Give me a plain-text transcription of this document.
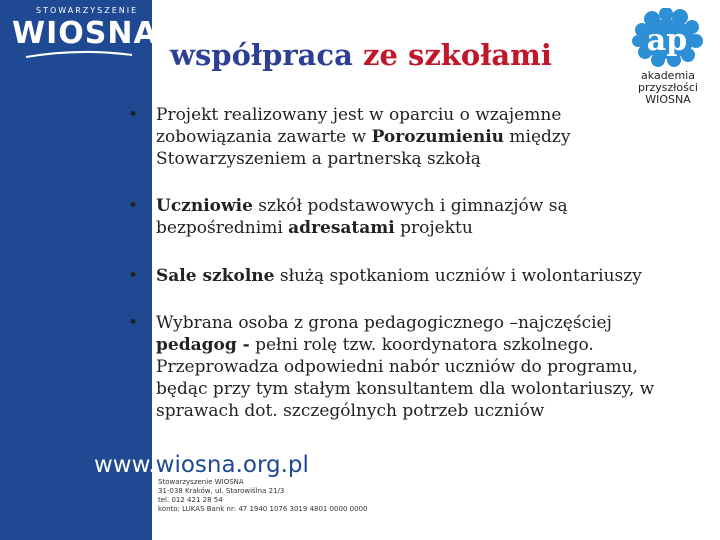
STOWARZYSZENIE
WIOSNA
współpraca ze szkołami	ap
akademia
przyszłości
WIOSNA
• Projekt realizowany jest w oparciu o wzajemne zobowiązania zawarte w Porozumieniu między Stowarzyszeniem a partnerską szkołą
• Uczniowie szkół podstawowych i gimnazjów są bezpośrednimi adresatami projektu
• Sale szkolne służą spotkaniom uczniów i wolontariuszy
• Wybrana osoba z grona pedagogicznego –najczęściej pedagog - pełni rolę tzw. koordynatora szkolnego. Przeprowadza odpowiedni nabór uczniów do programu, będąc przy tym stałym konsultantem dla wolontariuszy, w sprawach dot. szczególnych potrzeb uczniów
www.wiosna.org.pl
Stowarzyszenie WIOSNA
31-038 Kraków, ul. Starowiślna 21/3
tel. 012 421 28 54
konto: LUKAS Bank nr: 47 1940 1076 3019 4801 0000 0000
